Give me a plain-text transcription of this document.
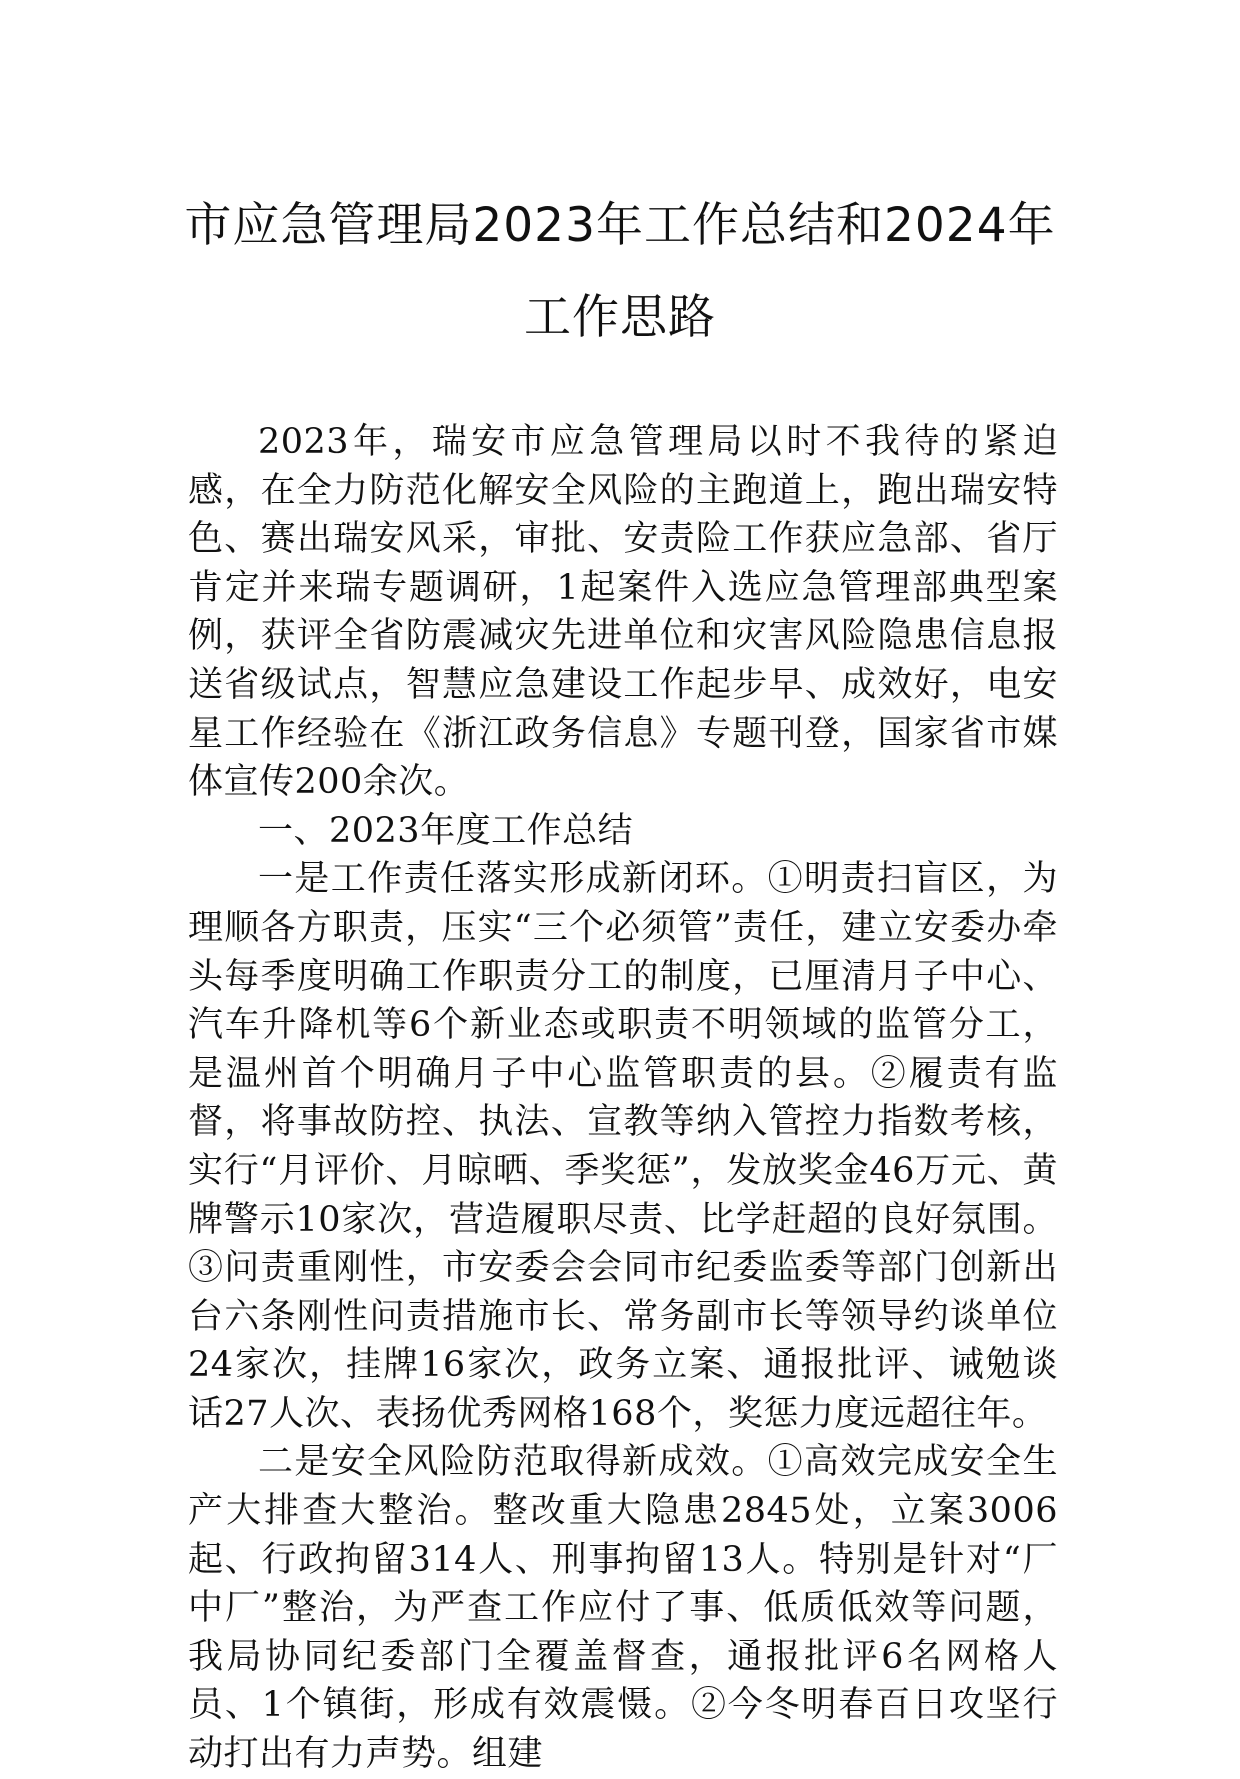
市应急管理局2023年工作总结和2024年工作思路

2023年，瑞安市应急管理局以时不我待的紧迫感，在全力防范化解安全风险的主跑道上，跑出瑞安特色、赛出瑞安风采，审批、安责险工作获应急部、省厅肯定并来瑞专题调研，1起案件入选应急管理部典型案例，获评全省防震减灾先进单位和灾害风险隐患信息报送省级试点，智慧应急建设工作起步早、成效好，电安星工作经验在《浙江政务信息》专题刊登，国家省市媒体宣传200余次。

一、2023年度工作总结

一是工作责任落实形成新闭环。①明责扫盲区，为理顺各方职责，压实“三个必须管”责任，建立安委办牵头每季度明确工作职责分工的制度，已厘清月子中心、汽车升降机等6个新业态或职责不明领域的监管分工，是温州首个明确月子中心监管职责的县。②履责有监督，将事故防控、执法、宣教等纳入管控力指数考核，实行“月评价、月晾晒、季奖惩”，发放奖金46万元、黄牌警示10家次，营造履职尽责、比学赶超的良好氛围。③问责重刚性，市安委会会同市纪委监委等部门创新出台六条刚性问责措施市长、常务副市长等领导约谈单位24家次，挂牌16家次，政务立案、通报批评、诫勉谈话27人次、表扬优秀网格168个，奖惩力度远超往年。

二是安全风险防范取得新成效。①高效完成安全生产大排查大整治。整改重大隐患2845处，立案3006起、行政拘留314人、刑事拘留13人。特别是针对“厂中厂”整治，为严查工作应付了事、低质低效等问题，我局协同纪委部门全覆盖督查，通报批评6名网格人员、1个镇街，形成有效震慑。②今冬明春百日攻坚行动打出有力声势。组建
